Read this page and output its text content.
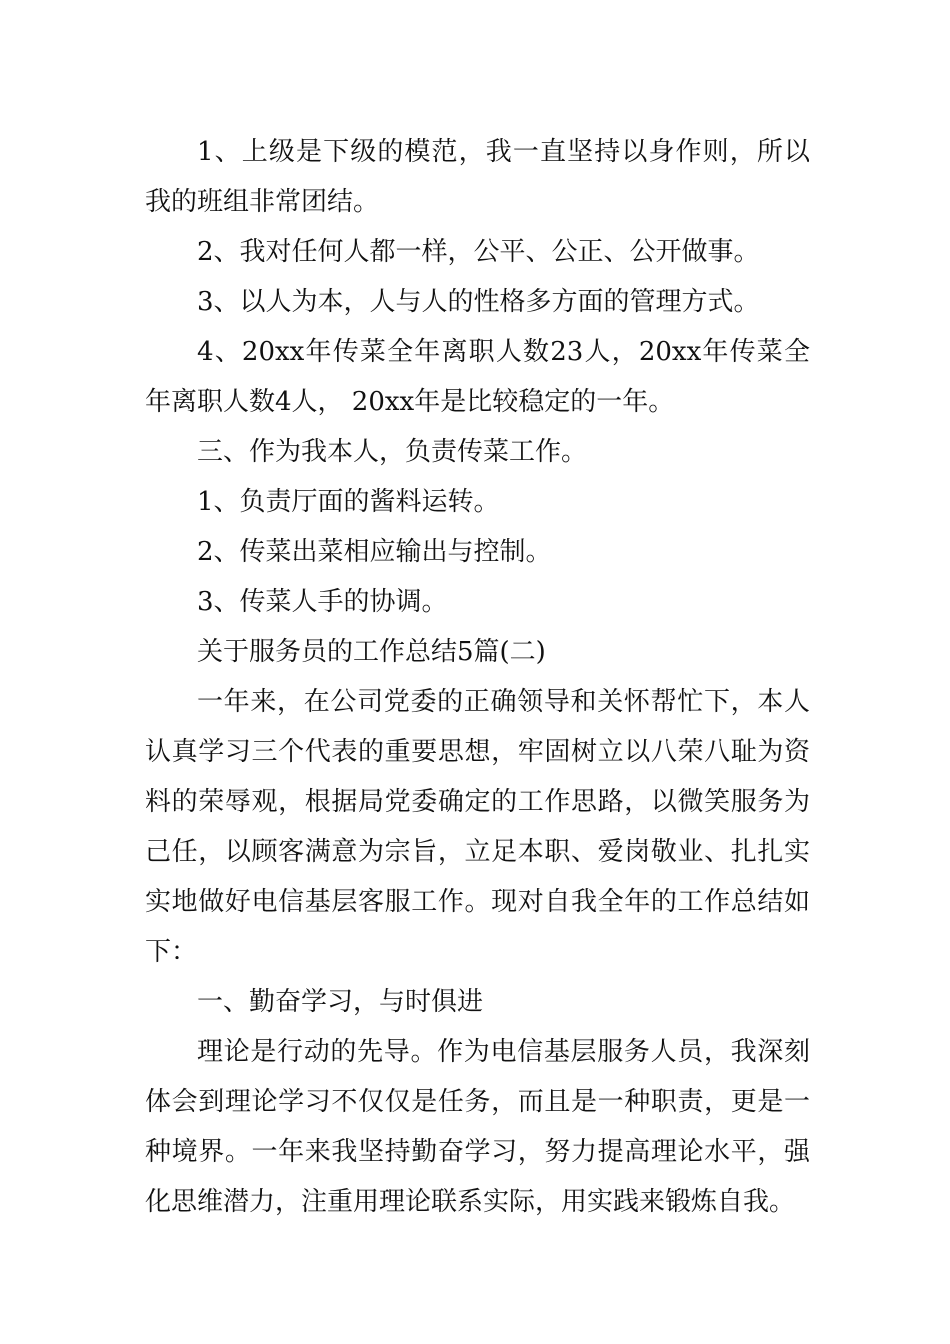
1、上级是下级的模范，我一直坚持以身作则，所以我的班组非常团结。

2、我对任何人都一样，公平、公正、公开做事。

3、以人为本，人与人的性格多方面的管理方式。

4、20xx年传菜全年离职人数23人，20xx年传菜全年离职人数4人， 20xx年是比较稳定的一年。

三、作为我本人，负责传菜工作。

1、负责厅面的酱料运转。

2、传菜出菜相应输出与控制。

3、传菜人手的协调。

关于服务员的工作总结5篇(二)

一年来，在公司党委的正确领导和关怀帮忙下，本人认真学习三个代表的重要思想，牢固树立以八荣八耻为资料的荣辱观，根据局党委确定的工作思路，以微笑服务为己任，以顾客满意为宗旨，立足本职、爱岗敬业、扎扎实实地做好电信基层客服工作。现对自我全年的工作总结如下：

一、勤奋学习，与时俱进

理论是行动的先导。作为电信基层服务人员，我深刻体会到理论学习不仅仅是任务，而且是一种职责，更是一种境界。一年来我坚持勤奋学习，努力提高理论水平，强化思维潜力，注重用理论联系实际，用实践来锻炼自我。
